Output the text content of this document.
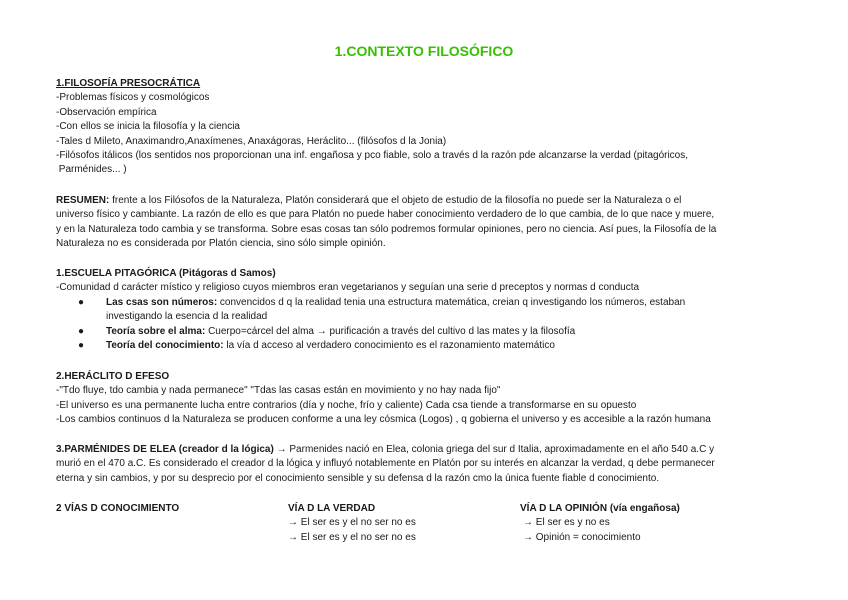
1.CONTEXTO FILOSÓFICO
1.FILOSOFÍA PRESOCRÁTICA
-Problemas físicos y cosmológicos
-Observación empírica
-Con ellos se inicia la filosofía y la ciencia
-Tales d Mileto, Anaximandro,Anaxímenes, Anaxágoras, Heráclito... (filósofos d la Jonia)
-Filósofos itálicos (los sentidos nos proporcionan una inf. engañosa y pco fiable, solo a través d la razón pde alcanzarse la verdad (pitagóricos,
Parménides... )
RESUMEN: frente a los Filósofos de la Naturaleza, Platón considerará que el objeto de estudio de la filosofía no puede ser la Naturaleza o el
universo físico y cambiante. La razón de ello es que para Platón no puede haber conocimiento verdadero de lo que cambia, de lo que nace y muere,
y en la Naturaleza todo cambia y se transforma. Sobre esas cosas tan sólo podremos formular opiniones, pero no ciencia. Así pues, la Filosofía de la
Naturaleza no es considerada por Platón ciencia, sino sólo simple opinión.
1.ESCUELA PITAGÓRICA (Pitágoras d Samos)
-Comunidad d carácter místico y religioso cuyos miembros eran vegetarianos y seguían una serie d preceptos y normas d conducta
● Las csas son números: convencidos d q la realidad tenia una estructura matemática, creian q investigando los números, estaban
investigando la esencia d la realidad
● Teoría sobre el alma: Cuerpo=cárcel del alma → purificación a través del cultivo d las mates y la filosofía
● Teoría del conocimiento: la vía d acceso al verdadero conocimiento es el razonamiento matemático
2.HERÁCLITO D EFESO
-"Tdo fluye, tdo cambia y nada permanece" "Tdas las casas están en movimiento y no hay nada fijo"
-El universo es una permanente lucha entre contrarios (día y noche, frío y caliente) Cada csa tiende a transformarse en su opuesto
-Los cambios continuos d la Naturaleza se producen conforme a una ley cósmica (Logos) , q gobierna el universo y es accesible a la razón humana
3.PARMÉNIDES DE ELEA (creador d la lógica) → Parmenides nació en Elea, colonia griega del sur d Italia, aproximadamente en el año 540 a.C y
murió en el 470 a.C. Es considerado el creador d la lógica y influyó notablemente en Platón por su interés en alcanzar la verdad, q debe permanecer
eterna y sin cambios, y por su desprecio por el conocimiento sensible y su defensa d la razón cmo la única fuente fiable d conocimiento.
2 VÍAS D CONOCIMIENTO	VÍA D LA VERDAD
→ El ser es y el no ser no es
→ El ser es y el no ser no es
VÍA D LA OPINIÓN (vía engañosa)
→ El ser es y no es
→ Opinión = conocimiento
